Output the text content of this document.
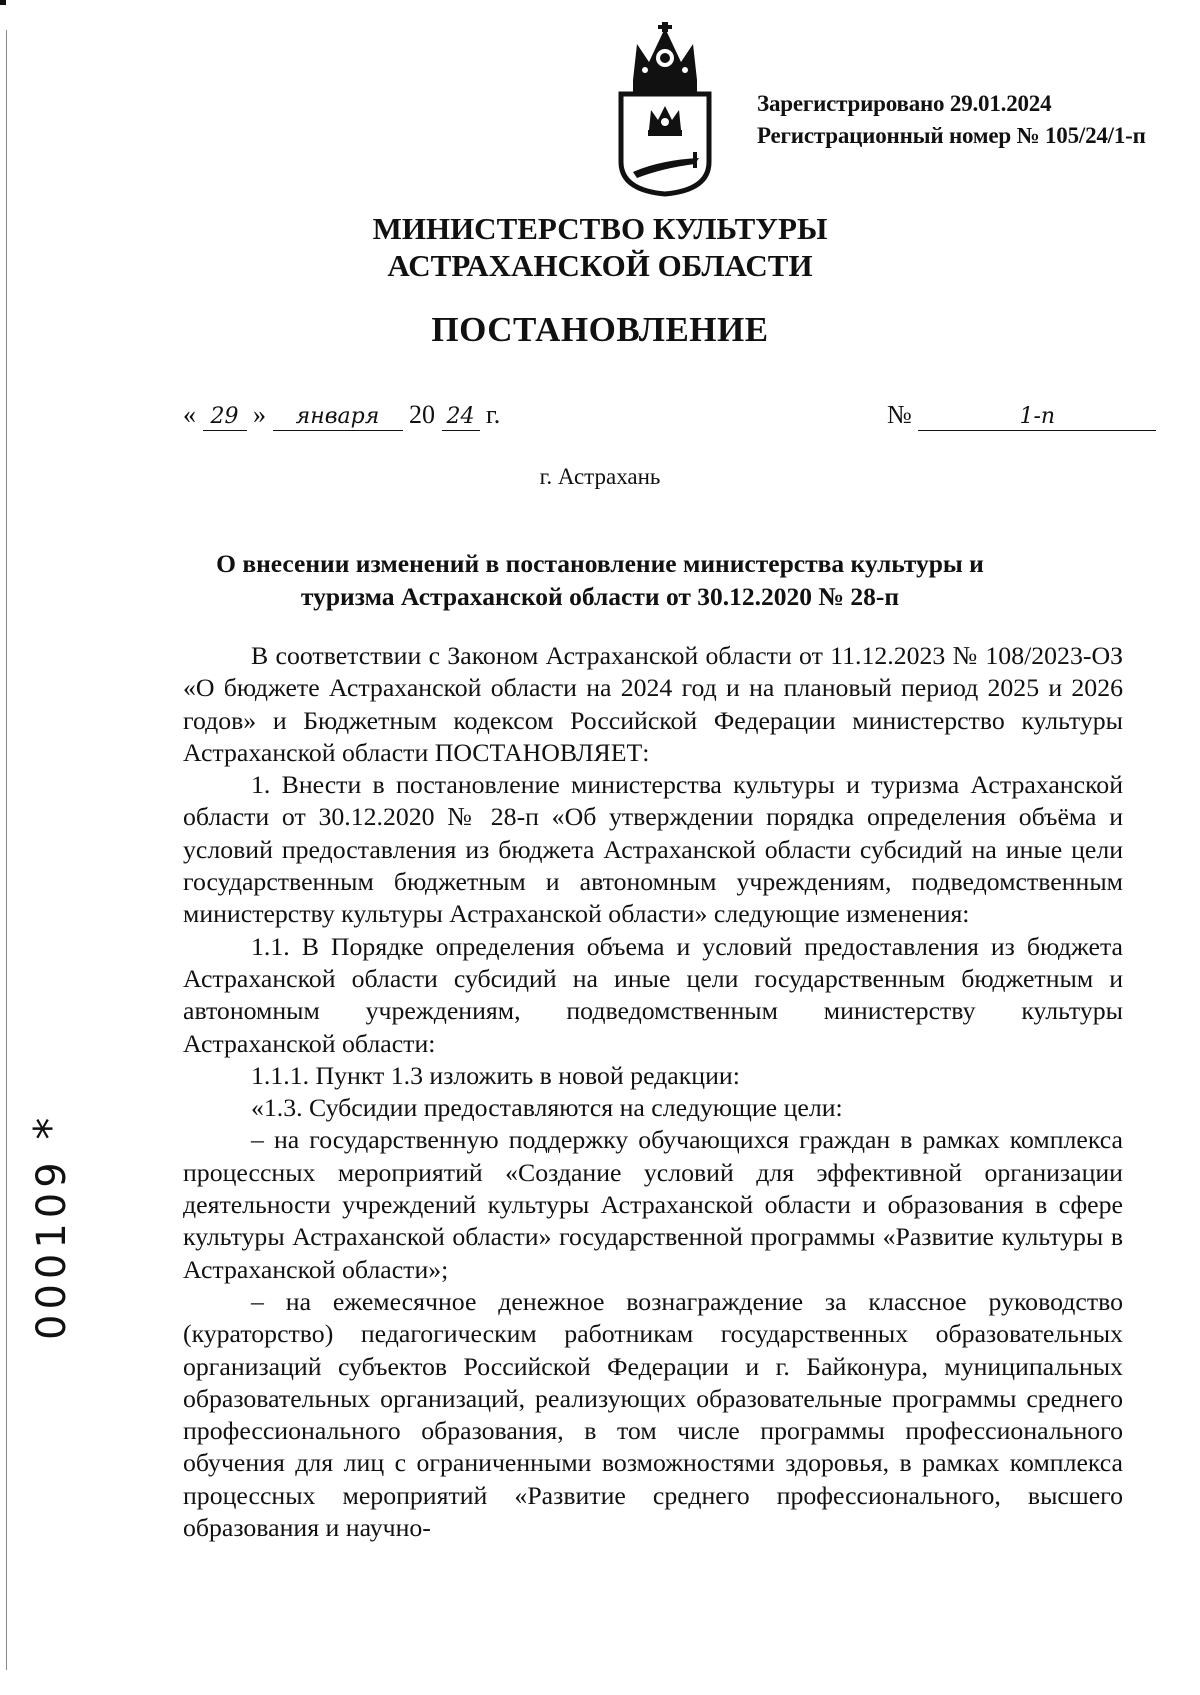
Зарегистрировано 29.01.2024
Регистрационный номер № 105/24/1-п
МИНИСТЕРСТВО КУЛЬТУРЫ
АСТРАХАНСКОЙ ОБЛАСТИ
ПОСТАНОВЛЕНИЕ
« 29 » января 20 24 г.	№	1-п
г. Астрахань
О внесении изменений в постановление министерства культуры и
туризма Астраханской области от 30.12.2020 № 28-п

В соответствии с Законом Астраханской области от 11.12.2023 № 108/2023-ОЗ «О бюджете Астраханской области на 2024 год и на плановый период 2025 и 2026 годов» и Бюджетным кодексом Российской Федерации министерство культуры Астраханской области ПОСТАНОВЛЯЕТ:

1. Внести в постановление министерства культуры и туризма Астраханской области от 30.12.2020 № 28-п «Об утверждении порядка определения объёма и условий предоставления из бюджета Астраханской области субсидий на иные цели государственным бюджетным и автономным учреждениям, подведомственным министерству культуры Астраханской области» следующие изменения:

1.1. В Порядке определения объема и условий предоставления из бюджета Астраханской области субсидий на иные цели государственным бюджетным и автономным учреждениям, подведомственным министерству культуры Астраханской области:

1.1.1. Пункт 1.3 изложить в новой редакции:

«1.3. Субсидии предоставляются на следующие цели:

– на государственную поддержку обучающихся граждан в рамках комплекса процессных мероприятий «Создание условий для эффективной организации деятельности учреждений культуры Астраханской области и образования в сфере культуры Астраханской области» государственной программы «Развитие культуры в Астраханской области»;

– на ежемесячное денежное вознаграждение за классное руководство (кураторство) педагогическим работникам государственных образовательных организаций субъектов Российской Федерации и г. Байконура, муниципальных образовательных организаций, реализующих образовательные программы среднего профессионального образования, в том числе программы профессионального обучения для лиц с ограниченными возможностями здоровья, в рамках комплекса процессных мероприятий «Развитие среднего профессионального, высшего образования и научно-

000109 *
